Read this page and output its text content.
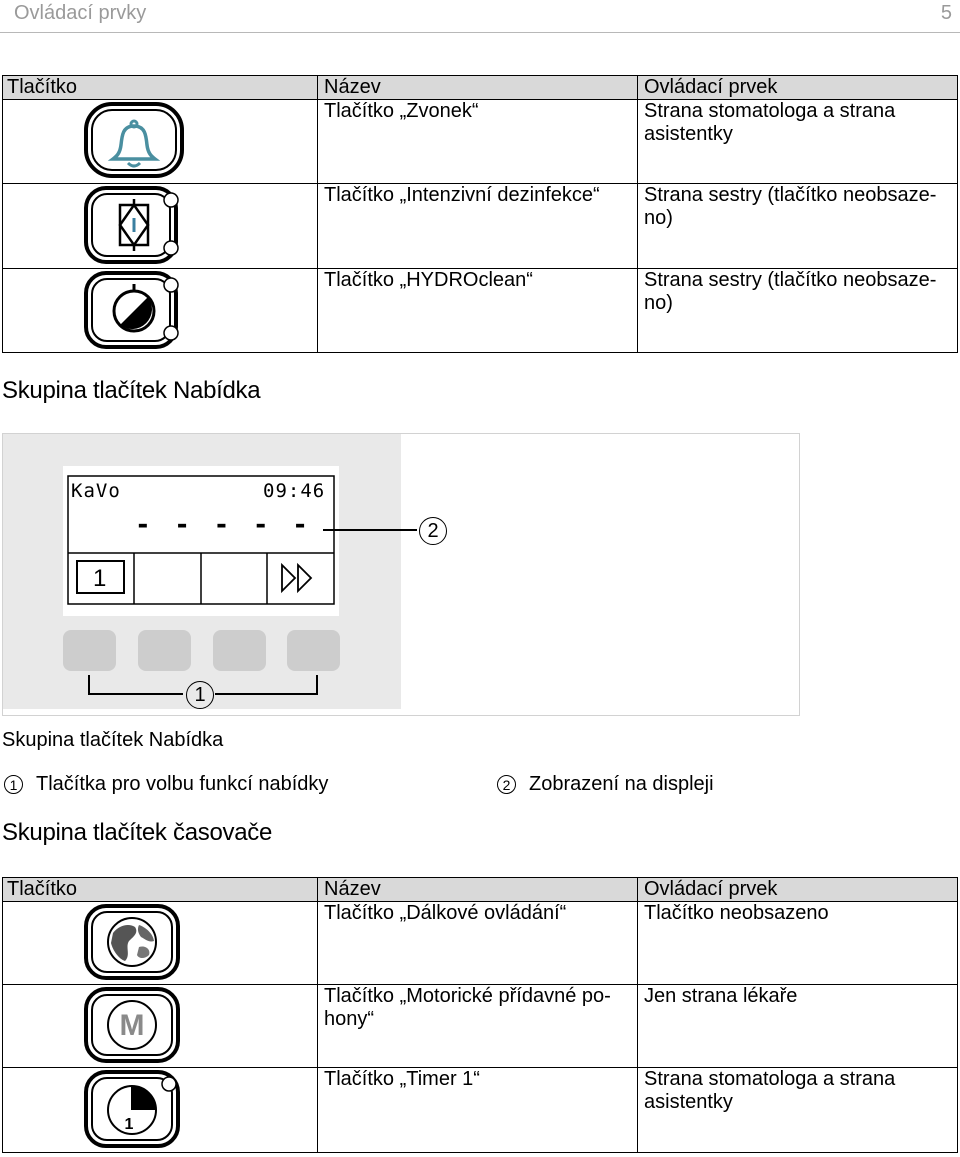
Ovládací prvky	5
Tlačítko	Název	Ovládací prvek

	Tlačítko „Zvonek“	Strana stomatologa a strana asistentky

	Tlačítko „Intenzivní dezinfekce“	Strana sestry (tlačítko neobsazeno)

	Tlačítko „HYDROclean“	Strana sestry (tlačítko neobsazeno)
Skupina tlačítek Nabídka
KaVo	09:46
- - - - -
1
1
2
Skupina tlačítek Nabídka
1 Tlačítka pro volbu funkcí nabídky	2 Zobrazení na displeji
Skupina tlačítek časovače
Tlačítko	Název	Ovládací prvek

	Tlačítko „Dálkové ovládání“	Tlačítko neobsazeno

M	Tlačítko „Motorické přídavné pohony“	Jen strana lékaře

1	Tlačítko „Timer 1“	Strana stomatologa a strana asistentky
